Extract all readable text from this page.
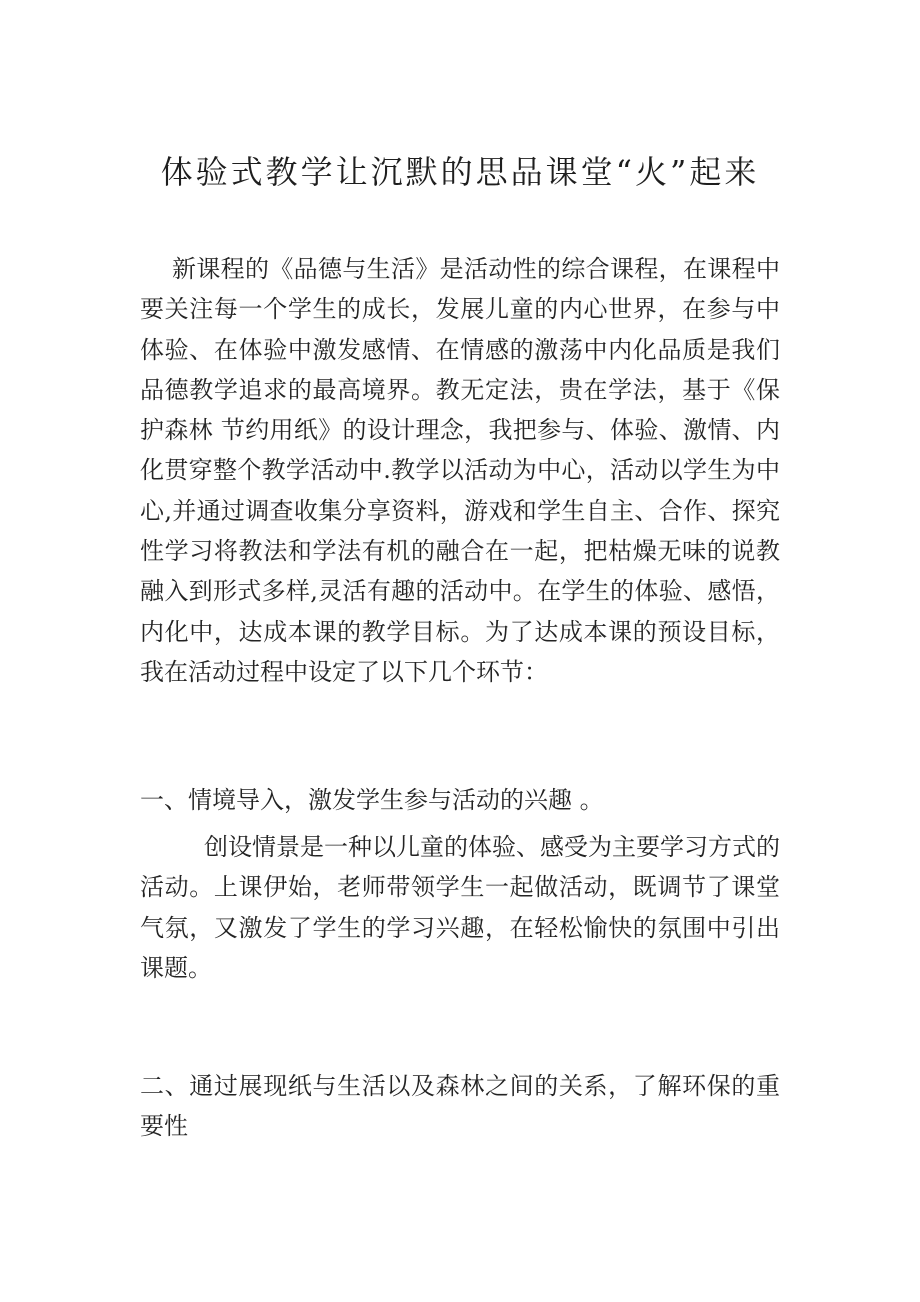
体验式教学让沉默的思品课堂“火”起来

新课程的《品德与生活》是活动性的综合课程，在课程中要关注每一个学生的成长，发展儿童的内心世界，在参与中体验、在体验中激发感情、在情感的激荡中内化品质是我们品德教学追求的最高境界。教无定法，贵在学法，基于《保护森林 节约用纸》的设计理念，我把参与、体验、激情、内化贯穿整个教学活动中.教学以活动为中心，活动以学生为中心,并通过调查收集分享资料，游戏和学生自主、合作、探究性学习将教法和学法有机的融合在一起，把枯燥无味的说教融入到形式多样,灵活有趣的活动中。在学生的体验、感悟，内化中，达成本课的教学目标。为了达成本课的预设目标，我在活动过程中设定了以下几个环节：

一、情境导入，激发学生参与活动的兴趣 。

创设情景是一种以儿童的体验、感受为主要学习方式的活动。上课伊始，老师带领学生一起做活动，既调节了课堂气氛，又激发了学生的学习兴趣，在轻松愉快的氛围中引出课题。

二、通过展现纸与生活以及森林之间的关系，了解环保的重要性
